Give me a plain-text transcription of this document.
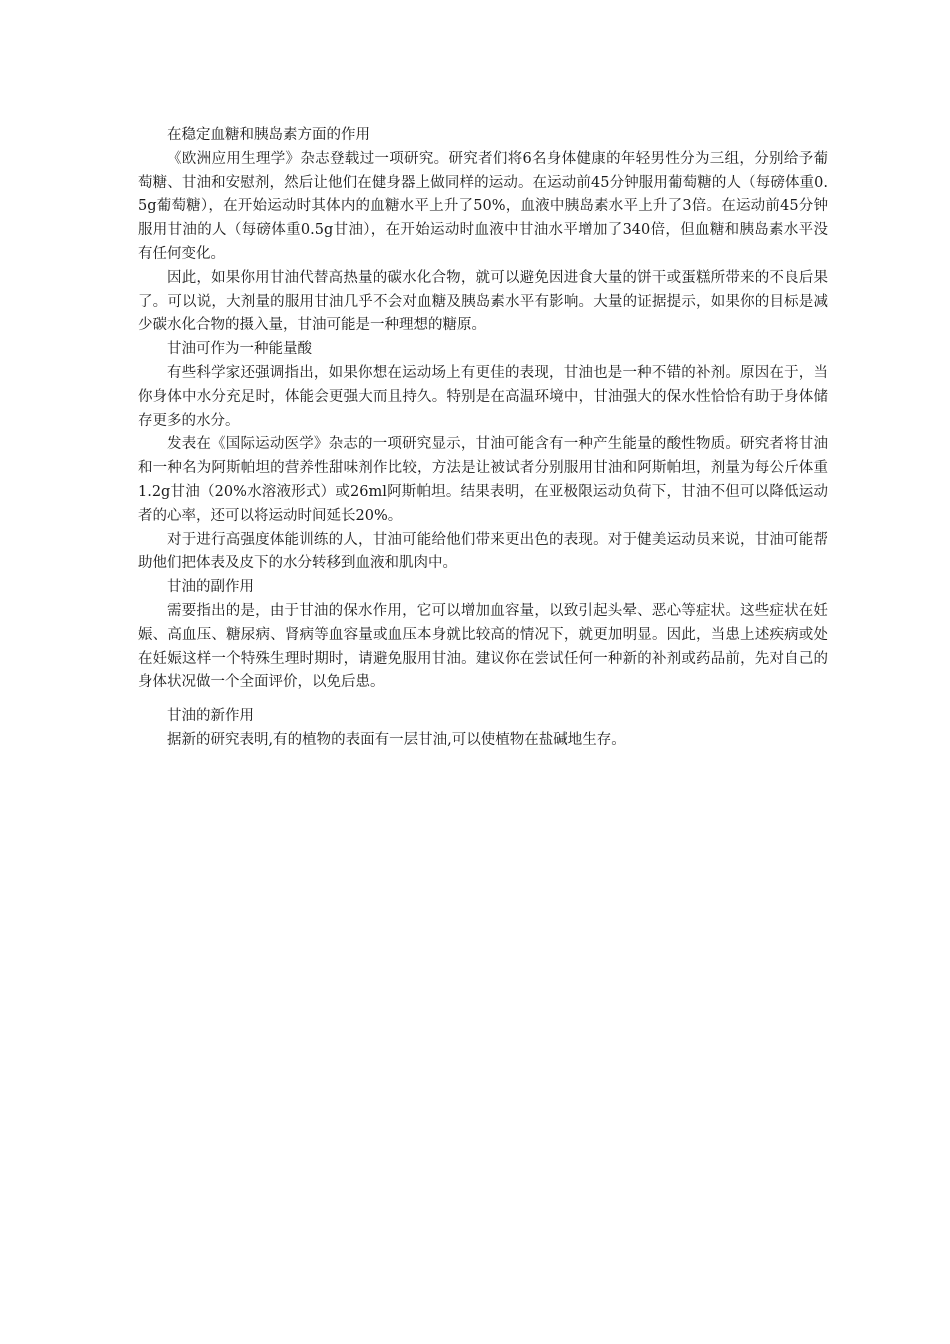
在稳定血糖和胰岛素方面的作用

《欧洲应用生理学》杂志登载过一项研究。研究者们将6名身体健康的年轻男性分为三组，分别给予葡萄糖、甘油和安慰剂，然后让他们在健身器上做同样的运动。在运动前45分钟服用葡萄糖的人（每磅体重0.5g葡萄糖），在开始运动时其体内的血糖水平上升了50%，血液中胰岛素水平上升了3倍。在运动前45分钟服用甘油的人（每磅体重0.5g甘油），在开始运动时血液中甘油水平增加了340倍，但血糖和胰岛素水平没有任何变化。

因此，如果你用甘油代替高热量的碳水化合物，就可以避免因进食大量的饼干或蛋糕所带来的不良后果了。可以说，大剂量的服用甘油几乎不会对血糖及胰岛素水平有影响。大量的证据提示，如果你的目标是减少碳水化合物的摄入量，甘油可能是一种理想的糖原。

甘油可作为一种能量酸

有些科学家还强调指出，如果你想在运动场上有更佳的表现，甘油也是一种不错的补剂。原因在于，当你身体中水分充足时，体能会更强大而且持久。特别是在高温环境中，甘油强大的保水性恰恰有助于身体储存更多的水分。

发表在《国际运动医学》杂志的一项研究显示，甘油可能含有一种产生能量的酸性物质。研究者将甘油和一种名为阿斯帕坦的营养性甜味剂作比较，方法是让被试者分别服用甘油和阿斯帕坦，剂量为每公斤体重1.2g甘油（20%水溶液形式）或26ml阿斯帕坦。结果表明，在亚极限运动负荷下，甘油不但可以降低运动者的心率，还可以将运动时间延长20%。

对于进行高强度体能训练的人，甘油可能给他们带来更出色的表现。对于健美运动员来说，甘油可能帮助他们把体表及皮下的水分转移到血液和肌肉中。

甘油的副作用

需要指出的是，由于甘油的保水作用，它可以增加血容量，以致引起头晕、恶心等症状。这些症状在妊娠、高血压、糖尿病、肾病等血容量或血压本身就比较高的情况下，就更加明显。因此，当患上述疾病或处在妊娠这样一个特殊生理时期时，请避免服用甘油。建议你在尝试任何一种新的补剂或药品前，先对自己的身体状况做一个全面评价，以免后患。

甘油的新作用

据新的研究表明,有的植物的表面有一层甘油,可以使植物在盐碱地生存。
